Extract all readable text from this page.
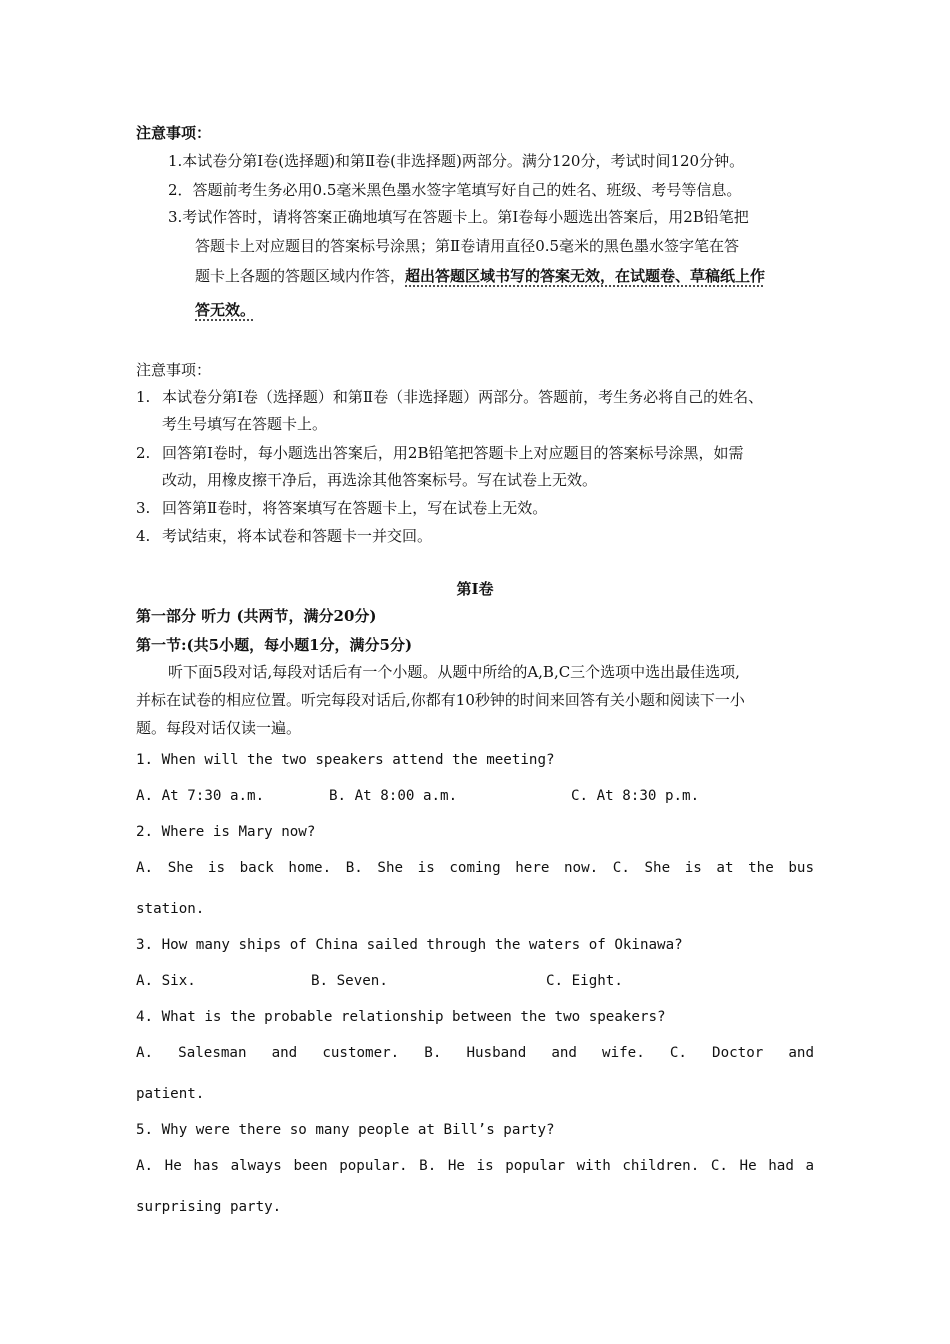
注意事项：
1.本试卷分第Ⅰ卷(选择题)和第Ⅱ卷(非选择题)两部分。满分120分，考试时间120分钟。
2．答题前考生务必用0.5毫米黑色墨水签字笔填写好自己的姓名、班级、考号等信息。
3.考试作答时，请将答案正确地填写在答题卡上。第Ⅰ卷每小题选出答案后，用2B铅笔把
答题卡上对应题目的答案标号涂黑；第Ⅱ卷请用直径0.5毫米的黑色墨水签字笔在答
题卡上各题的答题区域内作答，超出答题区域书写的答案无效，在试题卷、草稿纸上作
答无效。
注意事项：
1. 本试卷分第Ⅰ卷（选择题）和第Ⅱ卷（非选择题）两部分。答题前，考生务必将自己的姓名、
考生号填写在答题卡上。
2. 回答第Ⅰ卷时，每小题选出答案后，用2B铅笔把答题卡上对应题目的答案标号涂黑，如需
改动，用橡皮擦干净后，再选涂其他答案标号。写在试卷上无效。
3. 回答第Ⅱ卷时，将答案填写在答题卡上，写在试卷上无效。
4. 考试结束，将本试卷和答题卡一并交回。
第Ⅰ卷
第一部分 听力 (共两节，满分20分)
第一节:(共5小题，每小题1分，满分5分)
听下面5段对话,每段对话后有一个小题。从题中所给的A,B,C三个选项中选出最佳选项,
并标在试卷的相应位置。听完每段对话后,你都有10秒钟的时间来回答有关小题和阅读下一小
题。每段对话仅读一遍。
1. When will the two speakers attend the meeting?
A. At 7:30 a.m.	B. At 8:00 a.m.	C. At 8:30 p.m.
2. Where is Mary now?
A. She is back home. B. She is coming here now. C. She is at the bus
station.
3. How many ships of China sailed through the waters of Okinawa?
A. Six.	B. Seven.	C. Eight.
4. What is the probable relationship between the two speakers?
A. Salesman and customer. B. Husband and wife. C. Doctor and
patient.
5. Why were there so many people at Bill’s party?
A. He has always been popular. B. He is popular with children. C. He had a
surprising party.
